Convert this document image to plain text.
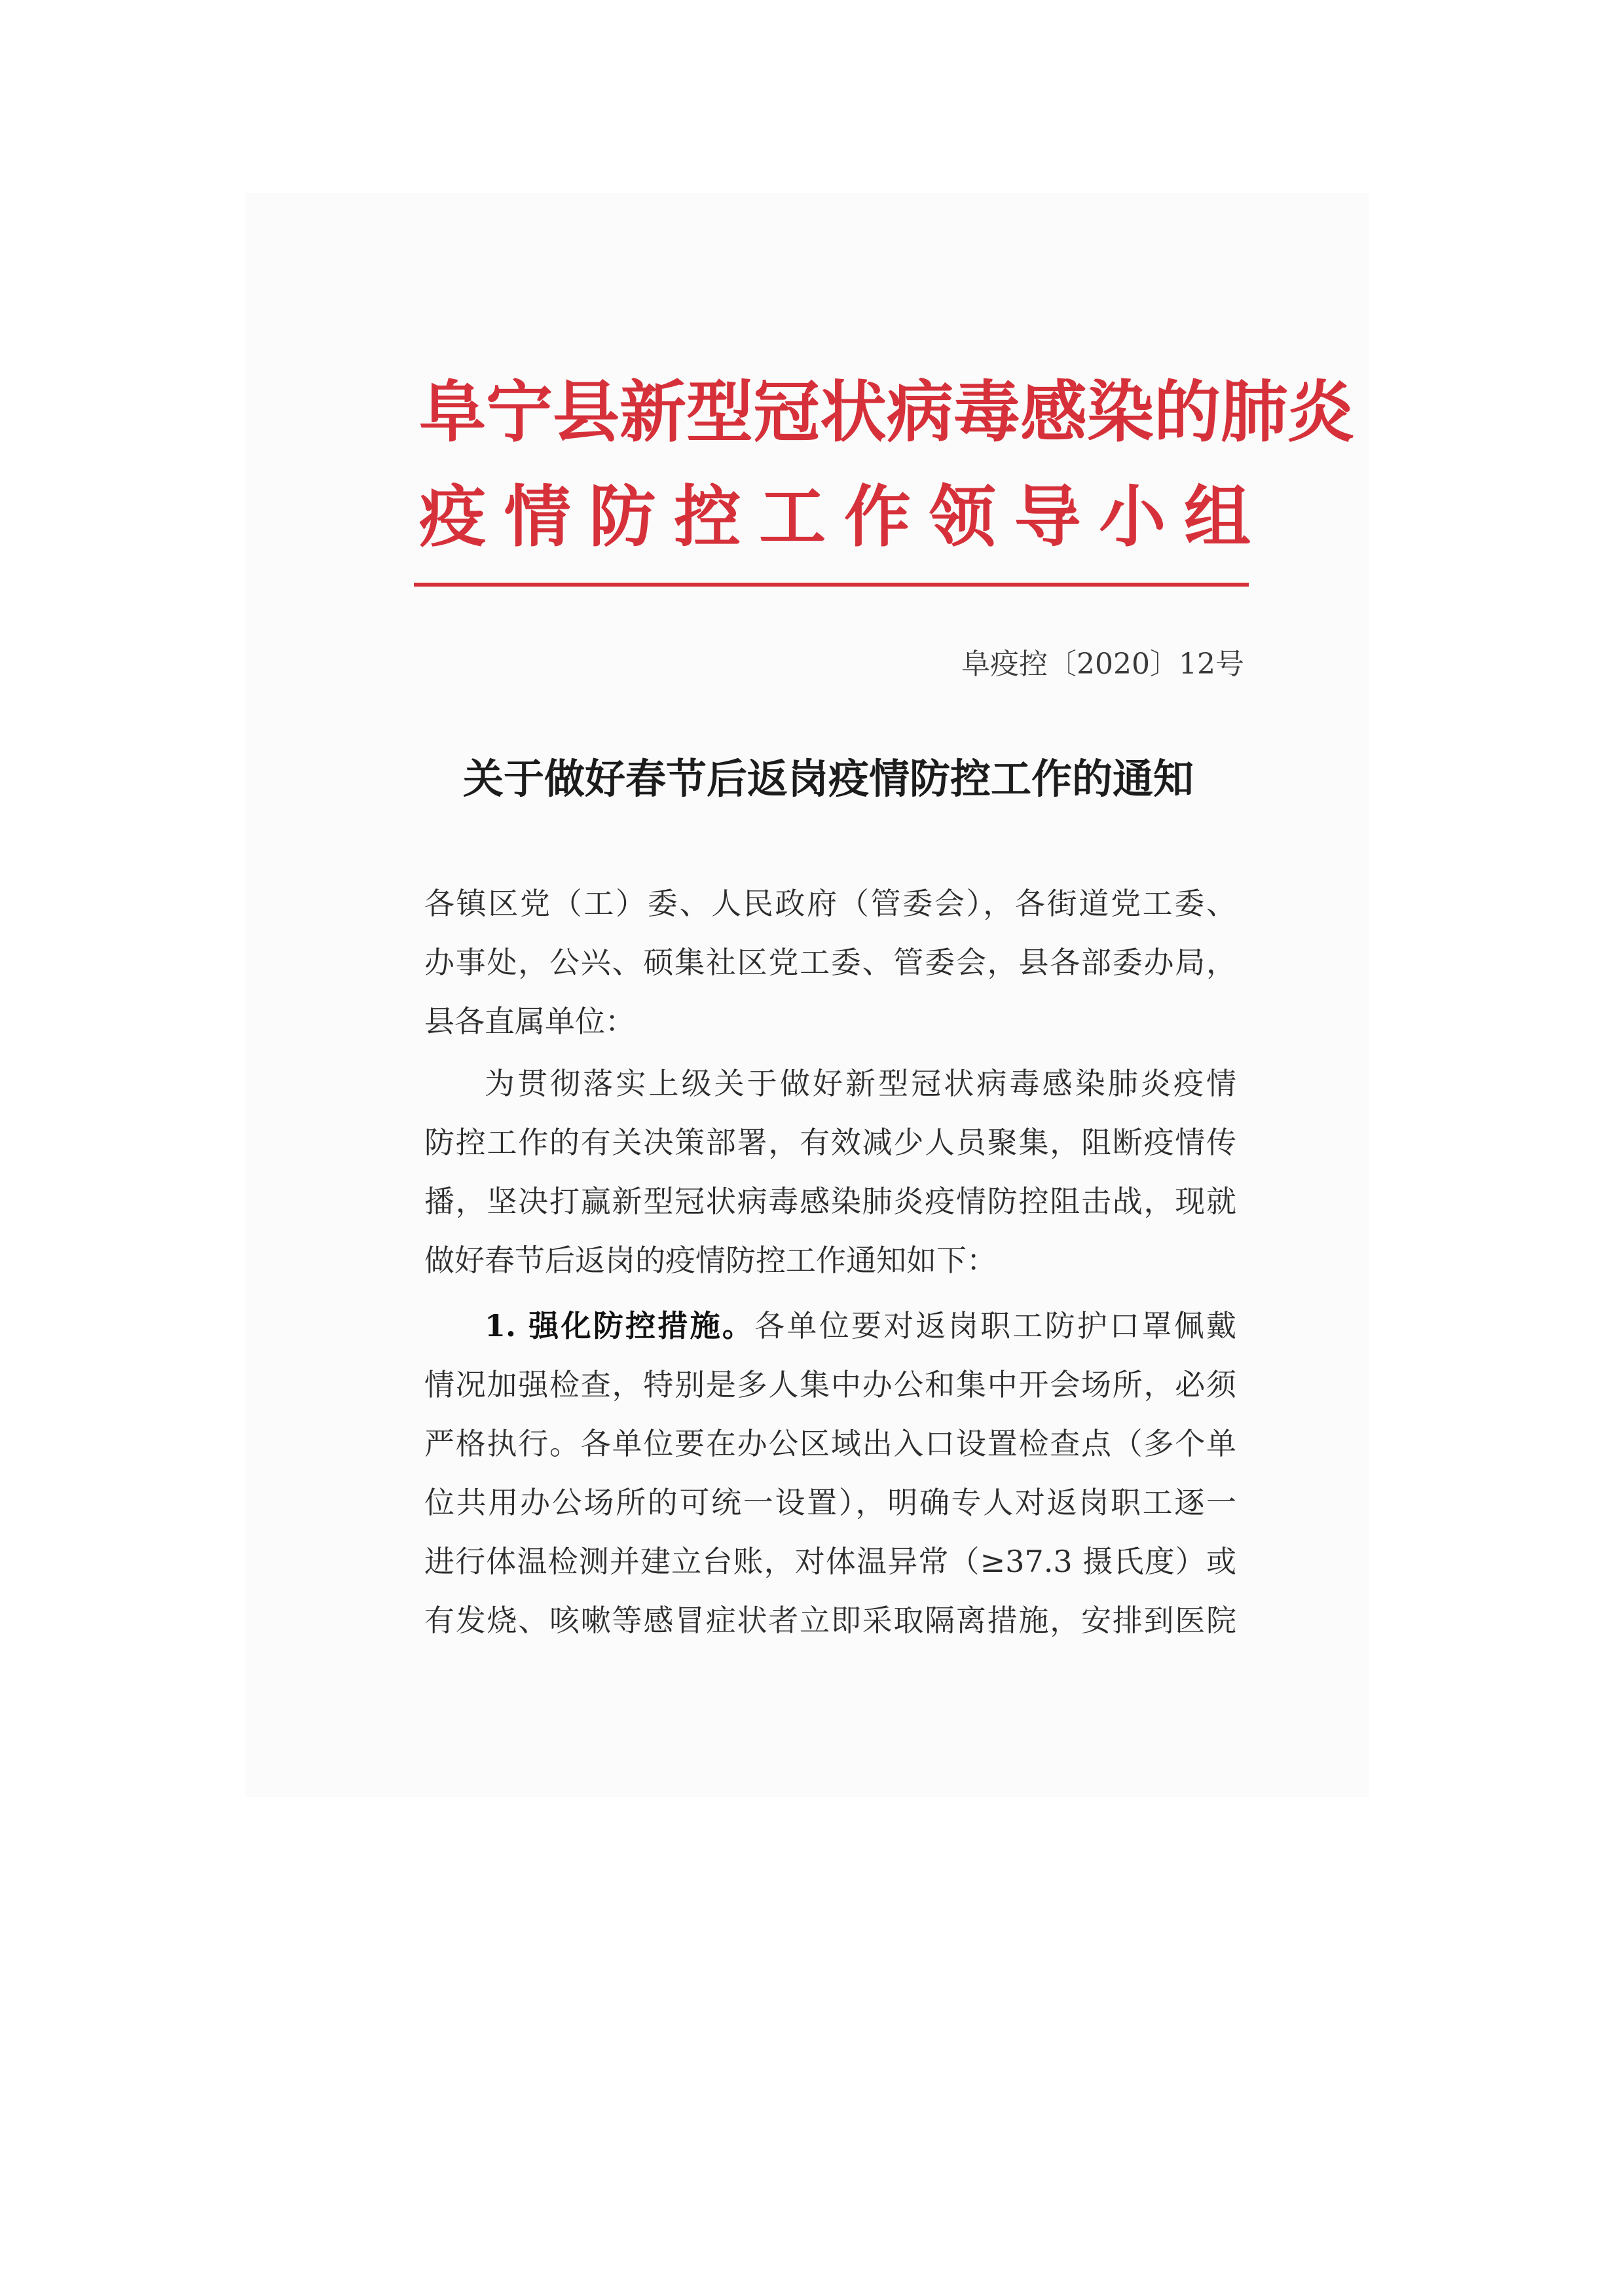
阜宁县新型冠状病毒感染的肺炎
疫情防控工作领导小组
阜疫控〔2020〕12号
关于做好春节后返岗疫情防控工作的通知
各镇区党（工）委、人民政府（管委会），各街道党工委、
办事处，公兴、硕集社区党工委、管委会，县各部委办局，
县各直属单位：
为贯彻落实上级关于做好新型冠状病毒感染肺炎疫情
防控工作的有关决策部署，有效减少人员聚集，阻断疫情传
播，坚决打赢新型冠状病毒感染肺炎疫情防控阻击战，现就
做好春节后返岗的疫情防控工作通知如下：
1. 强化防控措施。各单位要对返岗职工防护口罩佩戴
情况加强检查，特别是多人集中办公和集中开会场所，必须
严格执行。各单位要在办公区域出入口设置检查点（多个单
位共用办公场所的可统一设置），明确专人对返岗职工逐一
进行体温检测并建立台账，对体温异常（≥37.3 摄氏度）或
有发烧、咳嗽等感冒症状者立即采取隔离措施，安排到医院
